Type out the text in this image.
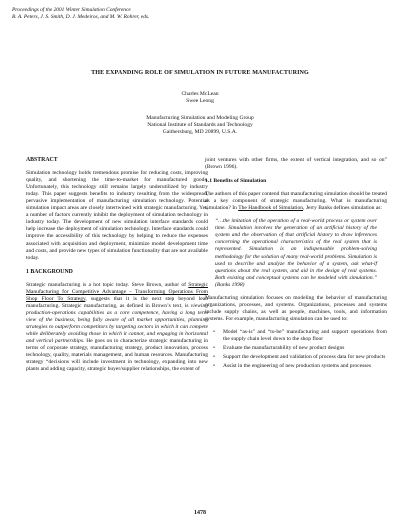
Proceedings of the 2001 Winter Simulation Conference
B. A. Peters, J. S. Smith, D. J. Medeiros, and M. W. Rohrer, eds.
THE EXPANDING ROLE OF SIMULATION IN FUTURE MANUFACTURING
Charles McLean
Swee Leong
Manufacturing Simulation and Modeling Group
National Institute of Standards and Technology
Gaithersburg, MD 20899, U.S.A.

ABSTRACT

Simulation technology holds tremendous promise for reducing costs, improving quality, and shortening the time-to-market for manufactured goods. Unfortunately, this technology still remains largely underutilized by industry today. This paper suggests benefits to industry resulting from the widespread, pervasive implementation of manufacturing simulation technology. Potential simulation impact areas are closely intertwined with strategic manufacturing. Yet, a number of factors currently inhibit the deployment of simulation technology in industry today. The development of new simulation interface standards could help increase the deployment of simulation technology. Interface standards could improve the accessibility of this technology by helping to reduce the expenses associated with acquisition and deployment, minimize model development time and costs, and provide new types of simulation functionality that are not available today.

1 BACKGROUND

Strategic manufacturing is a hot topic today. Steve Brown, author of Strategic Manufacturing for Competitive Advantage – Transforming Operations From Shop Floor To Strategy, suggests that it is the next step beyond lean manufacturing. Strategic manufacturing, as defined in Brown’s text, is viewing production-operations capabilities as a core competence, having a long term view of the business, being fully aware of all market opportunities, planning strategies to outperform competitors by targeting sectors in which it can compete while deliberately avoiding those in which it cannot, and engaging in horizontal and vertical partnerships. He goes on to characterize strategic manufacturing in terms of corporate strategy, manufacturing strategy, product innovation, process technology, quality, materials management, and human resources. Manufacturing strategy “decisions will include investment in technology, expanding into new plants and adding capacity, strategic buyer/supplier relationships, the extent of

joint ventures with other firms, the extent of vertical integration, and so on” (Brown 1996).

1.1 Benefits of Simulation

The authors of this paper contend that manufacturing simulation should be treated as a key component of strategic manufacturing. What is manufacturing simulation? In The Handbook of Simulation, Jerry Banks defines simulation as:

“…the imitation of the operation of a real-world process or system over time. Simulation involves the generation of an artificial history of the system and the observation of that artificial history to draw inferences concerning the operational characteristics of the real system that is represented. Simulation is an indispensable problem-solving methodology for the solution of many real-world problems. Simulation is used to describe and analyze the behavior of a system, ask what-if questions about the real system, and aid in the design of real systems. Both existing and conceptual systems can be modeled with simulation.” (Banks 1998)

Manufacturing simulation focuses on modeling the behavior of manufacturing organizations, processes, and systems. Organizations, processes and systems include supply chains, as well as people, machines, tools, and information systems. For example, manufacturing simulation can be used to:

• Model “as-is” and “to-be” manufacturing and support operations from the supply chain level down to the shop floor
• Evaluate the manufacturability of new product designs
• Support the development and validation of process data for new products
• Assist in the engineering of new production systems and processes
1478
